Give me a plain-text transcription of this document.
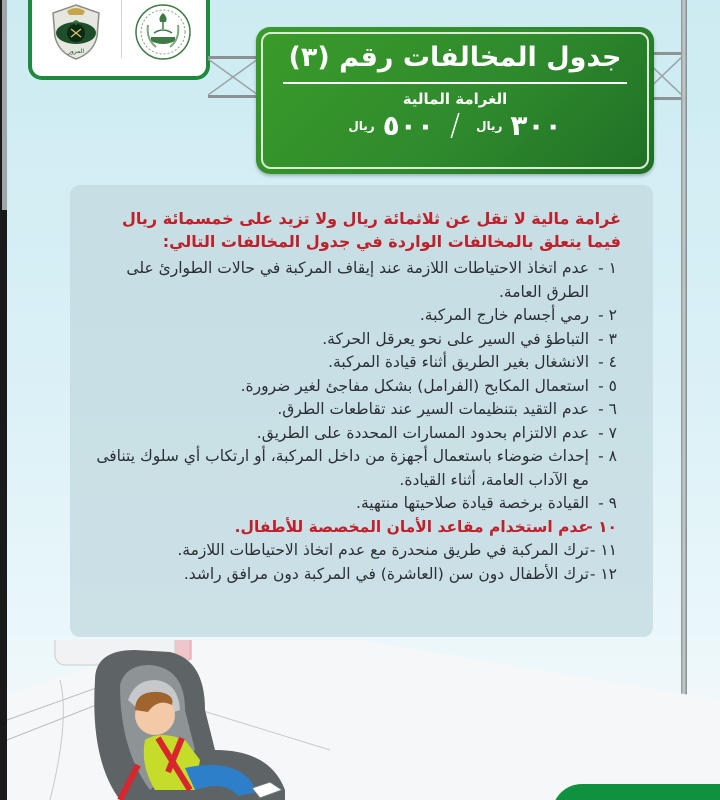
المرور	جدول المخالفات رقم (٣)
الغرامة المالية
٣٠٠
ريال
/
٥٠٠
ريال
غرامة مالية لا تقل عن ثلاثمائة ريال ولا تزيد على خمسمائة ريال فيما يتعلق بالمخالفات الواردة في جدول المخالفات التالي:
١ -
عدم اتخاذ الاحتياطات اللازمة عند إيقاف المركبة في حالات الطوارئ على الطرق العامة.
٢ -
رمي أجسام خارج المركبة.
٣ -
التباطؤ في السير على نحو يعرقل الحركة.
٤ -
الانشغال بغير الطريق أثناء قيادة المركبة.
٥ -
استعمال المكابح (الفرامل) بشكل مفاجئ لغير ضرورة.
٦ -
عدم التقيد بتنظيمات السير عند تقاطعات الطرق.
٧ -
عدم الالتزام بحدود المسارات المحددة على الطريق.
٨ -
إحداث ضوضاء باستعمال أجهزة من داخل المركبة، أو ارتكاب أي سلوك يتنافى مع الآداب العامة، أثناء القيادة.
٩ -
القيادة برخصة قيادة صلاحيتها منتهية.
١٠ -
عدم استخدام مقاعد الأمان المخصصة للأطفال.
١١ -
ترك المركبة في طريق منحدرة مع عدم اتخاذ الاحتياطات اللازمة.
١٢ -
ترك الأطفال دون سن (العاشرة) في المركبة دون مرافق راشد.
